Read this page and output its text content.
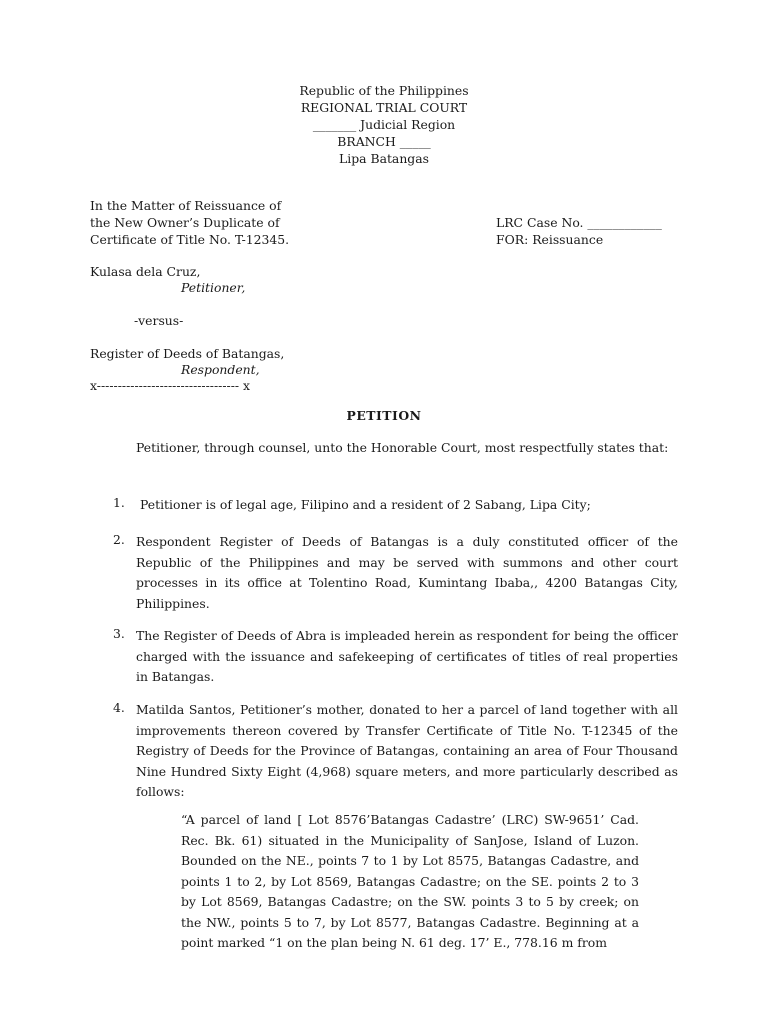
Republic of the Philippines
REGIONAL TRIAL COURT
_______ Judicial Region
BRANCH _____
Lipa Batangas
In the Matter of Reissuance of
the New Owner’s Duplicate of
Certificate of Title No. T-12345.
LRC Case No. ____________
FOR: Reissuance
Kulasa dela Cruz,
Petitioner,
-versus-
Register of Deeds of Batangas,
Respondent,
x---------------------------------- x
PETITION
Petitioner, through counsel, unto the Honorable Court, most respectfully states that:
1. Petitioner is of legal age, Filipino and a resident of 2 Sabang, Lipa City;
2. Respondent Register of Deeds of Batangas is a duly constituted officer of the Republic of the Philippines and may be served with summons and other court processes in its office at Tolentino Road, Kumintang Ibaba,, 4200 Batangas City, Philippines.
3. The Register of Deeds of Abra is impleaded herein as respondent for being the officer charged with the issuance and safekeeping of certificates of titles of real properties in Batangas.
4. Matilda Santos, Petitioner’s mother, donated to her a parcel of land together with all improvements thereon covered by Transfer Certificate of Title No. T-12345 of the Registry of Deeds for the Province of Batangas, containing an area of Four Thousand Nine Hundred Sixty Eight (4,968) square meters, and more particularly described as follows:
“A parcel of land [ Lot 8576’Batangas Cadastre’ (LRC) SW-9651’ Cad. Rec. Bk. 61) situated in the Municipality of SanJose, Island of Luzon. Bounded on the NE., points 7 to 1 by Lot 8575, Batangas Cadastre, and points 1 to 2, by Lot 8569, Batangas Cadastre; on the SE. points 2 to 3 by Lot 8569, Batangas Cadastre; on the SW. points 3 to 5 by creek; on the NW., points 5 to 7, by Lot 8577, Batangas Cadastre. Beginning at a point marked “1 on the plan being N. 61 deg. 17’ E., 778.16 m from
